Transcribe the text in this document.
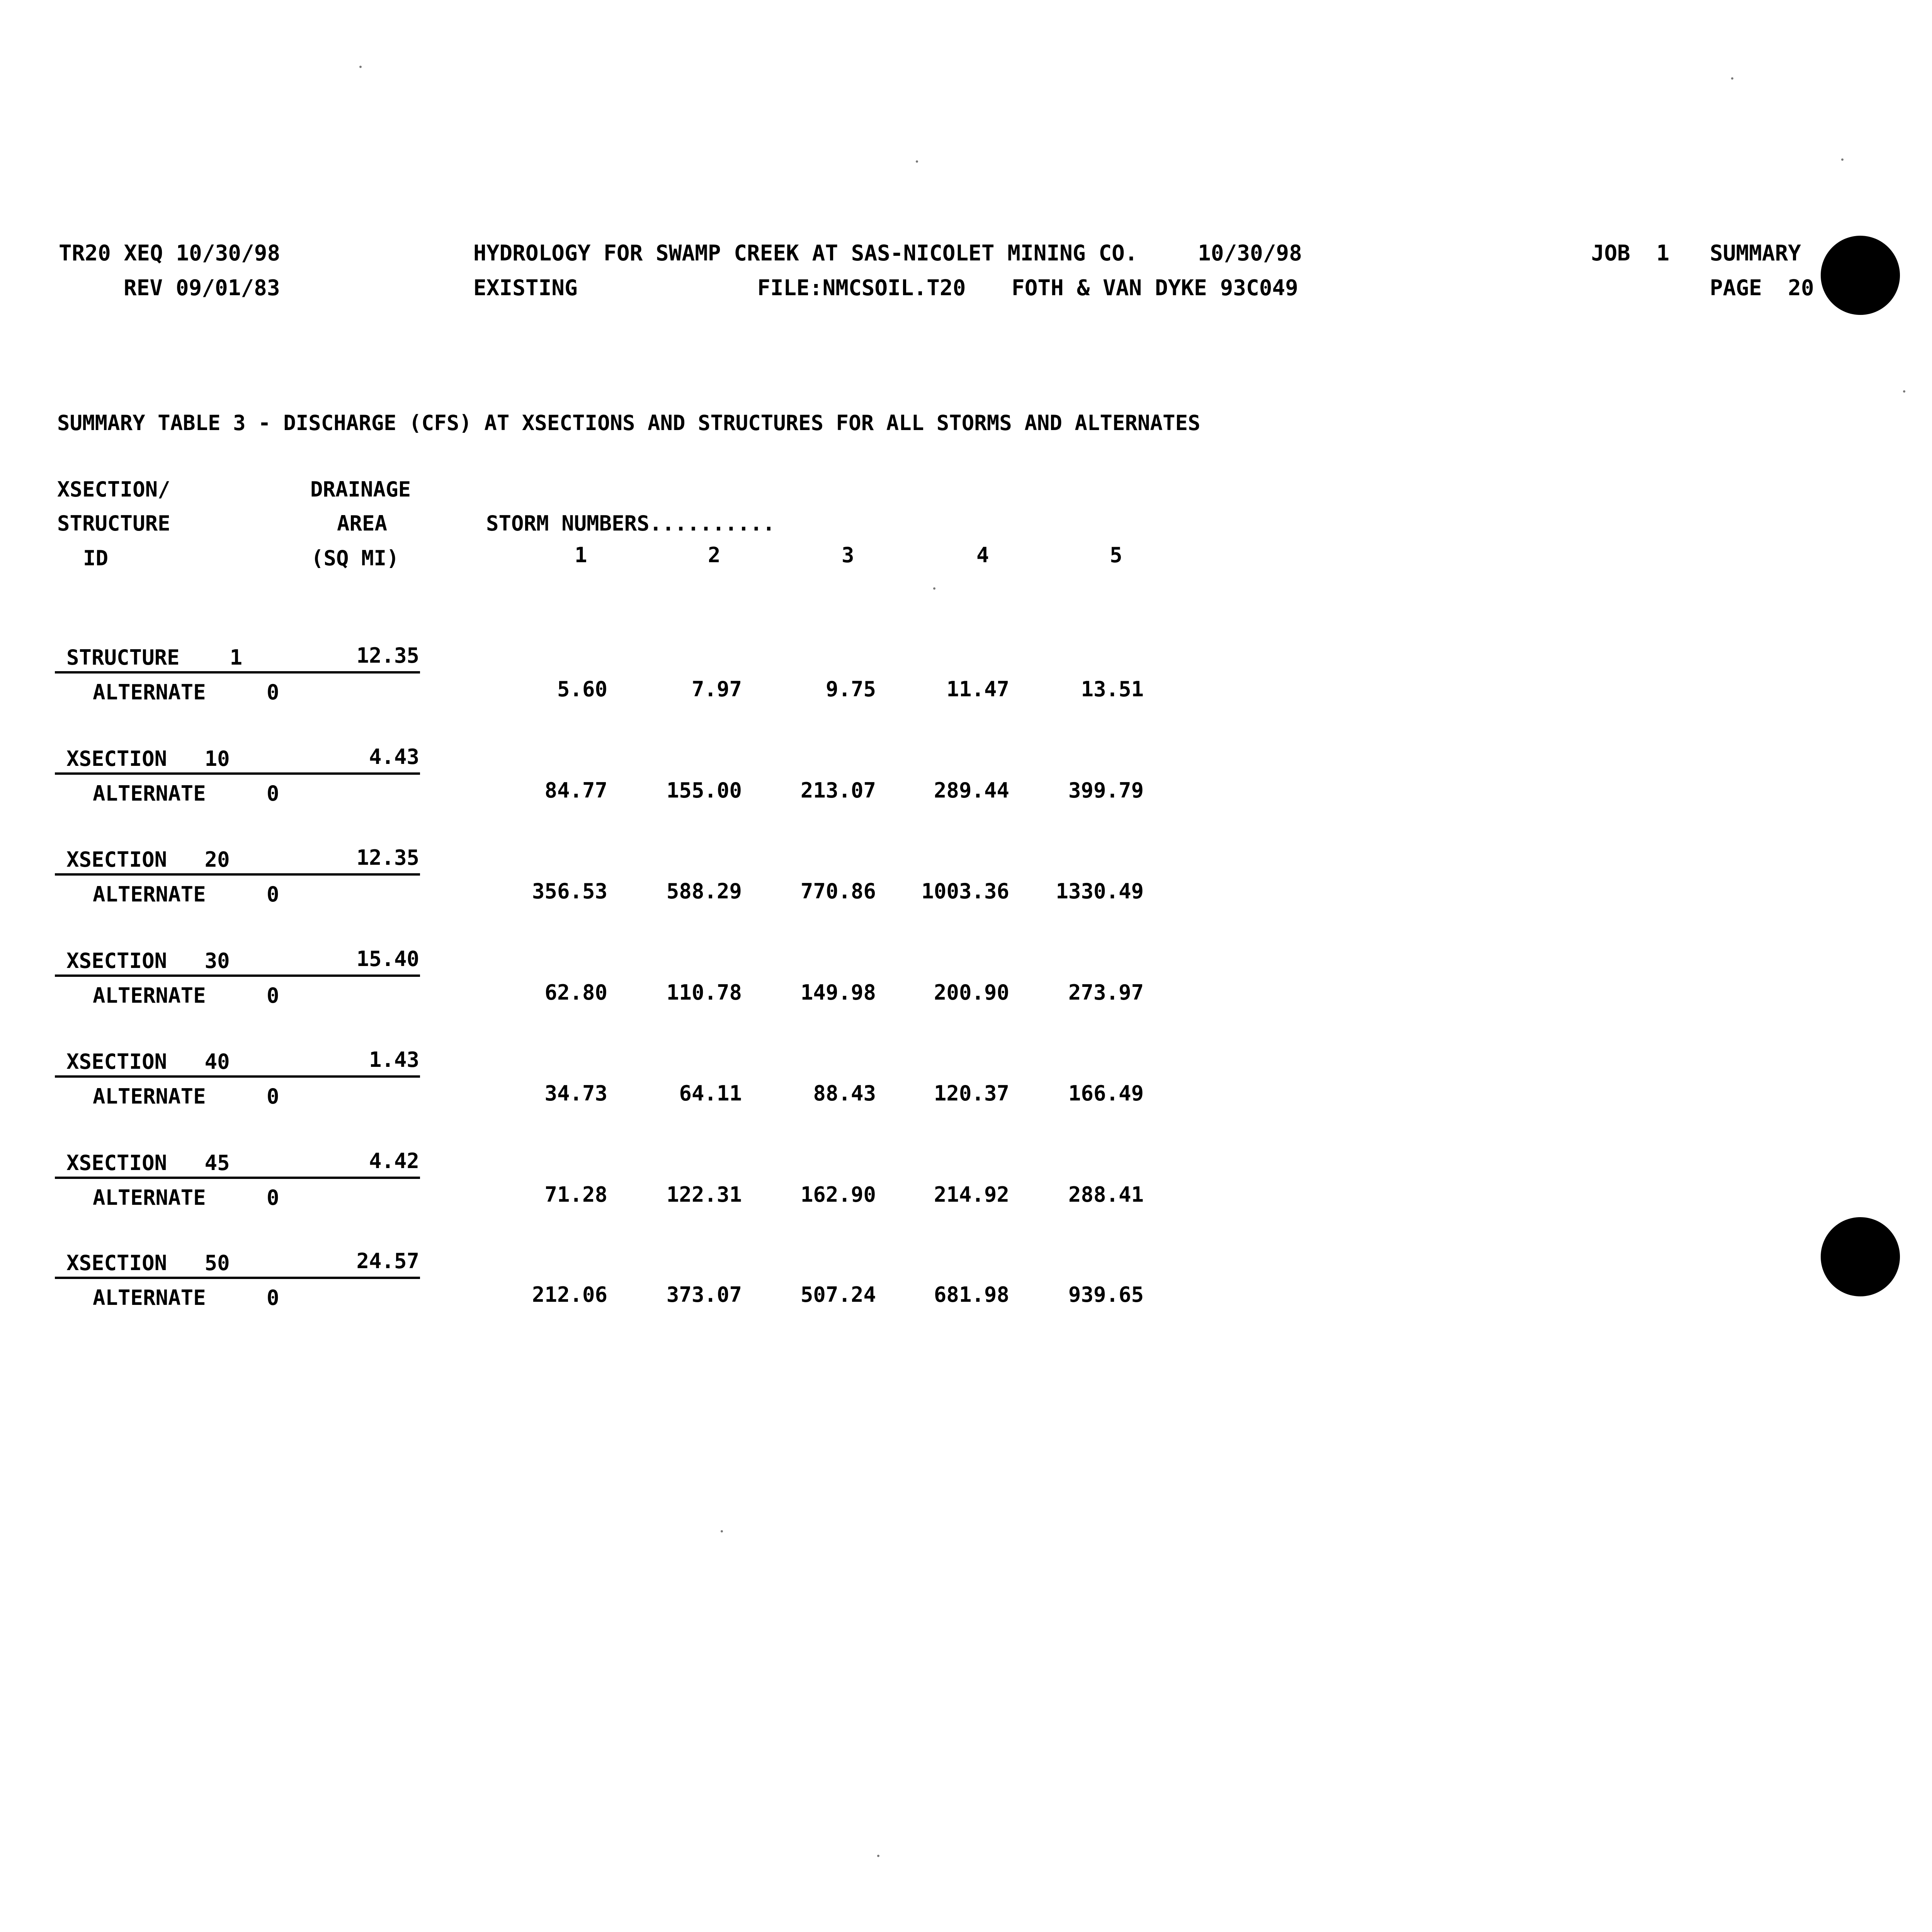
TR20 XEQ 10/30/98
REV 09/01/83
HYDROLOGY FOR SWAMP CREEK AT SAS-NICOLET MINING CO.	10/30/98
EXISTING	FILE:NMCSOIL.T20 FOTH & VAN DYKE 93C049
JOB  1 SUMMARY
PAGE  20
SUMMARY TABLE 3 - DISCHARGE (CFS) AT XSECTIONS AND STRUCTURES FOR ALL STORMS AND ALTERNATES
XSECTION/
STRUCTURE
ID
DRAINAGE
AREA
(SQ MI)
STORM NUMBERS..........
1	2	3	4	5
STRUCTURE    1	12.35
ALTERNATE	0	5.60	7.97	9.75	11.47	13.51
XSECTION   10	4.43
ALTERNATE	0	84.77	155.00	213.07	289.44	399.79
XSECTION   20	12.35
ALTERNATE	0	356.53	588.29	770.86	1003.36	1330.49
XSECTION   30	15.40
ALTERNATE	0	62.80	110.78	149.98	200.90	273.97
XSECTION   40	1.43
ALTERNATE	0	34.73	64.11	88.43	120.37	166.49
XSECTION   45	4.42
ALTERNATE	0	71.28	122.31	162.90	214.92	288.41
XSECTION   50	24.57
ALTERNATE	0	212.06	373.07	507.24	681.98	939.65
